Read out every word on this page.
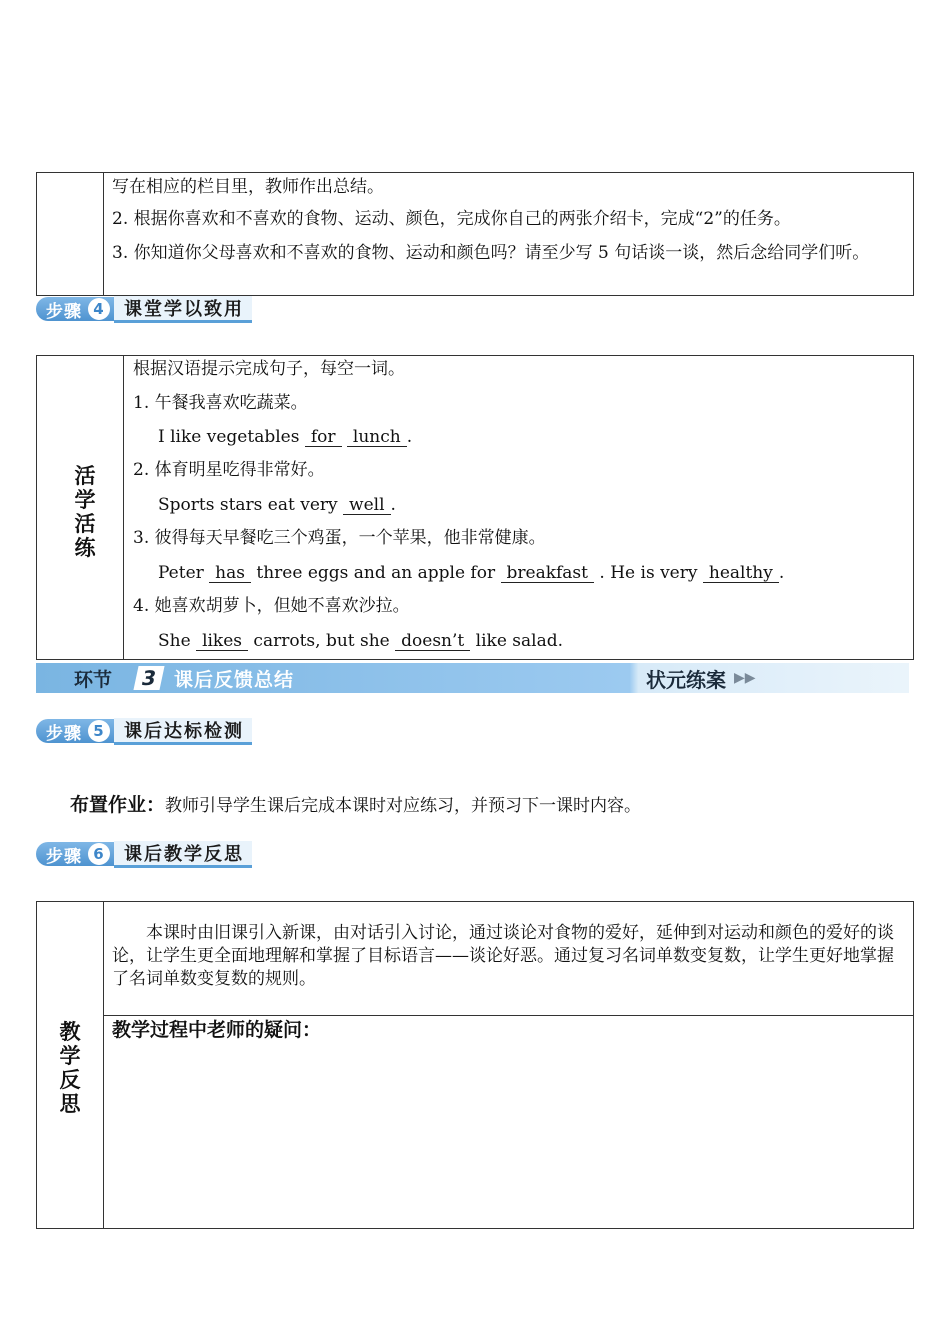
写在相应的栏目里，教师作出总结。
2. 根据你喜欢和不喜欢的食物、运动、颜色，完成你自己的两张介绍卡，完成“2”的任务。
3. 你知道你父母喜欢和不喜欢的食物、运动和颜色吗？请至少写 5 句话谈一谈，然后念给同学们听。
步骤 4	课堂学以致用
活学活练
根据汉语提示完成句子，每空一词。
1. 午餐我喜欢吃蔬菜。
I like vegetables for lunch .
2. 体育明星吃得非常好。
Sports stars eat very well .
3. 彼得每天早餐吃三个鸡蛋，一个苹果，他非常健康。
Peter has three eggs and an apple for breakfast . He is very healthy .
4. 她喜欢胡萝卜，但她不喜欢沙拉。
She likes carrots, but she doesn’t like salad.
环节 3 课后反馈总结	状元练案 ▶▶
步骤 5	课后达标检测
布置作业：教师引导学生课后完成本课时对应练习，并预习下一课时内容。
步骤 6	课后教学反思
教学反思
本课时由旧课引入新课，由对话引入讨论，通过谈论对食物的爱好，延伸到对运动和颜色的爱好的谈论，让学生更全面地理解和掌握了目标语言——谈论好恶。通过复习名词单数变复数，让学生更好地掌握了名词单数变复数的规则。
教学过程中老师的疑问：
